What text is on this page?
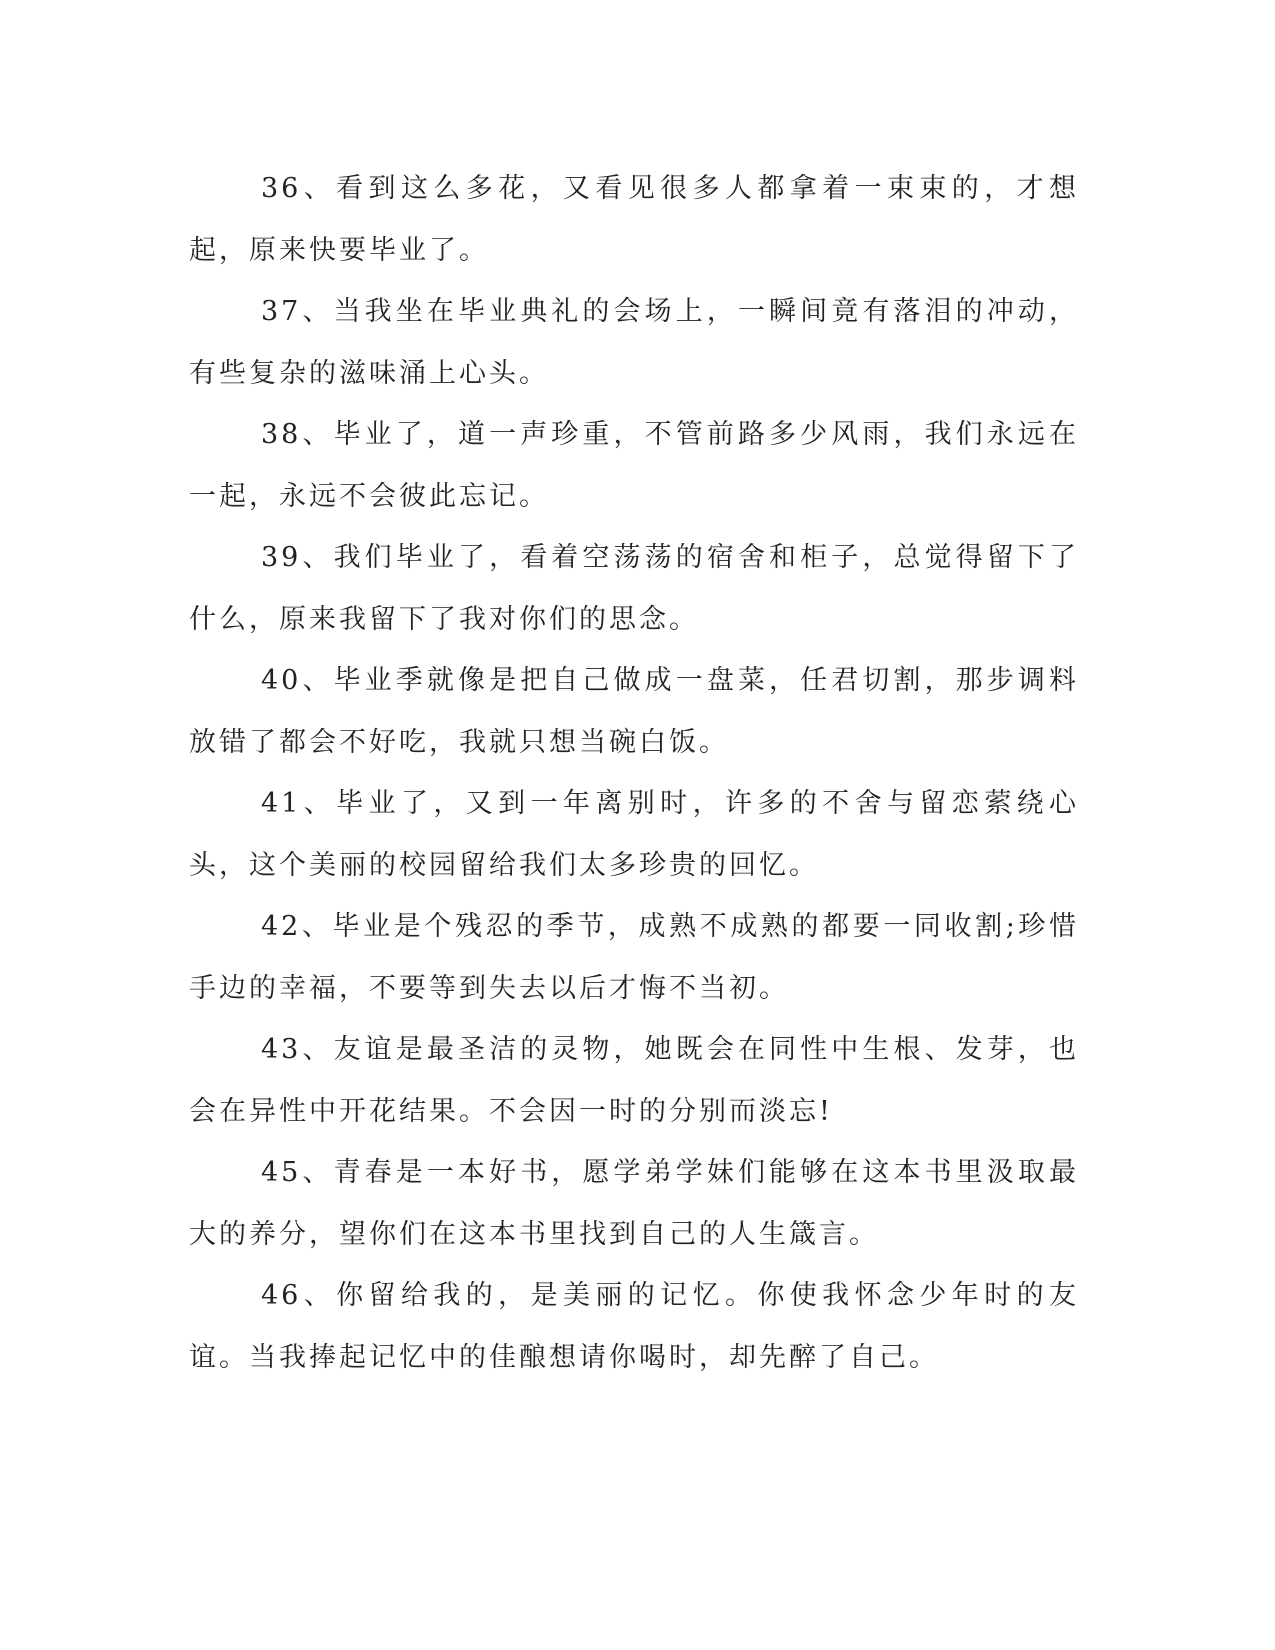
36、看到这么多花，又看见很多人都拿着一束束的，才想起，原来快要毕业了。

37、当我坐在毕业典礼的会场上，一瞬间竟有落泪的冲动，有些复杂的滋味涌上心头。

38、毕业了，道一声珍重，不管前路多少风雨，我们永远在一起，永远不会彼此忘记。

39、我们毕业了，看着空荡荡的宿舍和柜子，总觉得留下了什么，原来我留下了我对你们的思念。

40、毕业季就像是把自己做成一盘菜，任君切割，那步调料放错了都会不好吃，我就只想当碗白饭。

41、毕业了，又到一年离别时，许多的不舍与留恋萦绕心头，这个美丽的校园留给我们太多珍贵的回忆。

42、毕业是个残忍的季节，成熟不成熟的都要一同收割;珍惜手边的幸福，不要等到失去以后才悔不当初。

43、友谊是最圣洁的灵物，她既会在同性中生根、发芽，也会在异性中开花结果。不会因一时的分别而淡忘!

45、青春是一本好书，愿学弟学妹们能够在这本书里汲取最大的养分，望你们在这本书里找到自己的人生箴言。

46、你留给我的，是美丽的记忆。你使我怀念少年时的友谊。当我捧起记忆中的佳酿想请你喝时，却先醉了自己。
